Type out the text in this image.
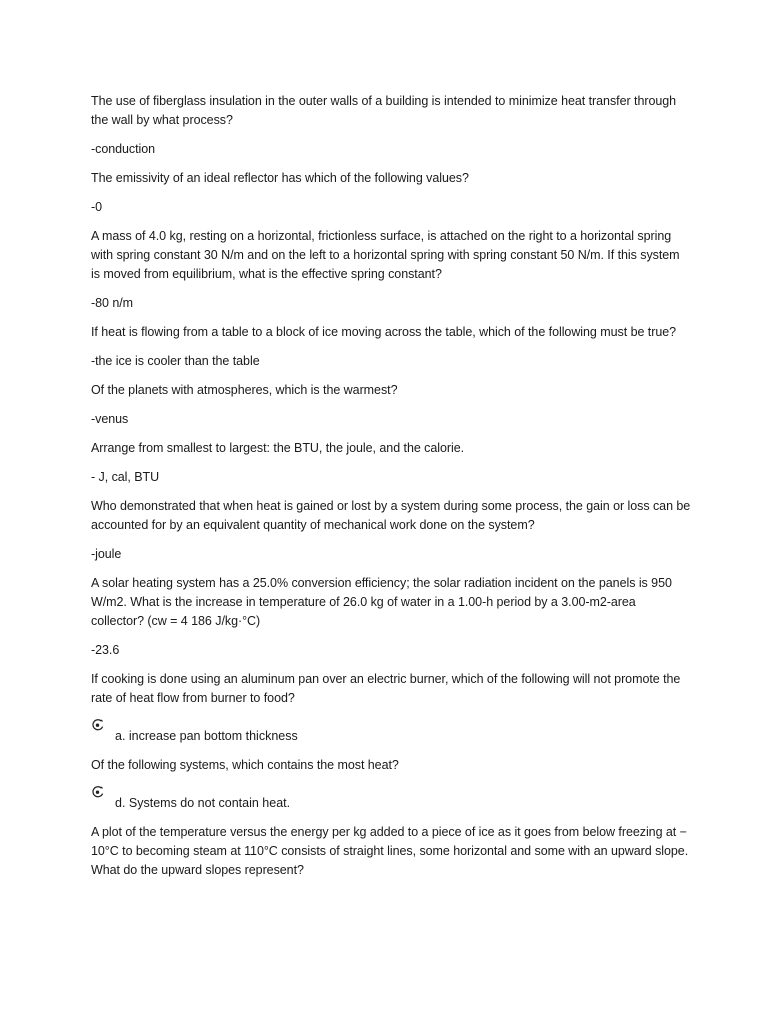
The use of fiberglass insulation in the outer walls of a building is intended to minimize heat transfer through the wall by what process?

-conduction

The emissivity of an ideal reflector has which of the following values?

-0

A mass of 4.0 kg, resting on a horizontal, frictionless surface, is attached on the right to a horizontal spring with spring constant 30 N/m and on the left to a horizontal spring with spring constant 50 N/m. If this system is moved from equilibrium, what is the effective spring constant?

-80 n/m

If heat is flowing from a table to a block of ice moving across the table, which of the following must be true?

-the ice is cooler than the table

Of the planets with atmospheres, which is the warmest?

-venus

Arrange from smallest to largest: the BTU, the joule, and the calorie.

- J, cal, BTU

Who demonstrated that when heat is gained or lost by a system during some process, the gain or loss can be accounted for by an equivalent quantity of mechanical work done on the system?

-joule

A solar heating system has a 25.0% conversion efficiency; the solar radiation incident on the panels is 950 W/m2. What is the increase in temperature of 26.0 kg of water in a 1.00-h period by a 3.00-m2-area collector? (cw = 4 186 J/kg·°C)

-23.6

If cooking is done using an aluminum pan over an electric burner, which of the following will not promote the rate of heat flow from burner to food?

a. increase pan bottom thickness

Of the following systems, which contains the most heat?

d. Systems do not contain heat.

A plot of the temperature versus the energy per kg added to a piece of ice as it goes from below freezing at − 10°C to becoming steam at 110°C consists of straight lines, some horizontal and some with an upward slope. What do the upward slopes represent?
